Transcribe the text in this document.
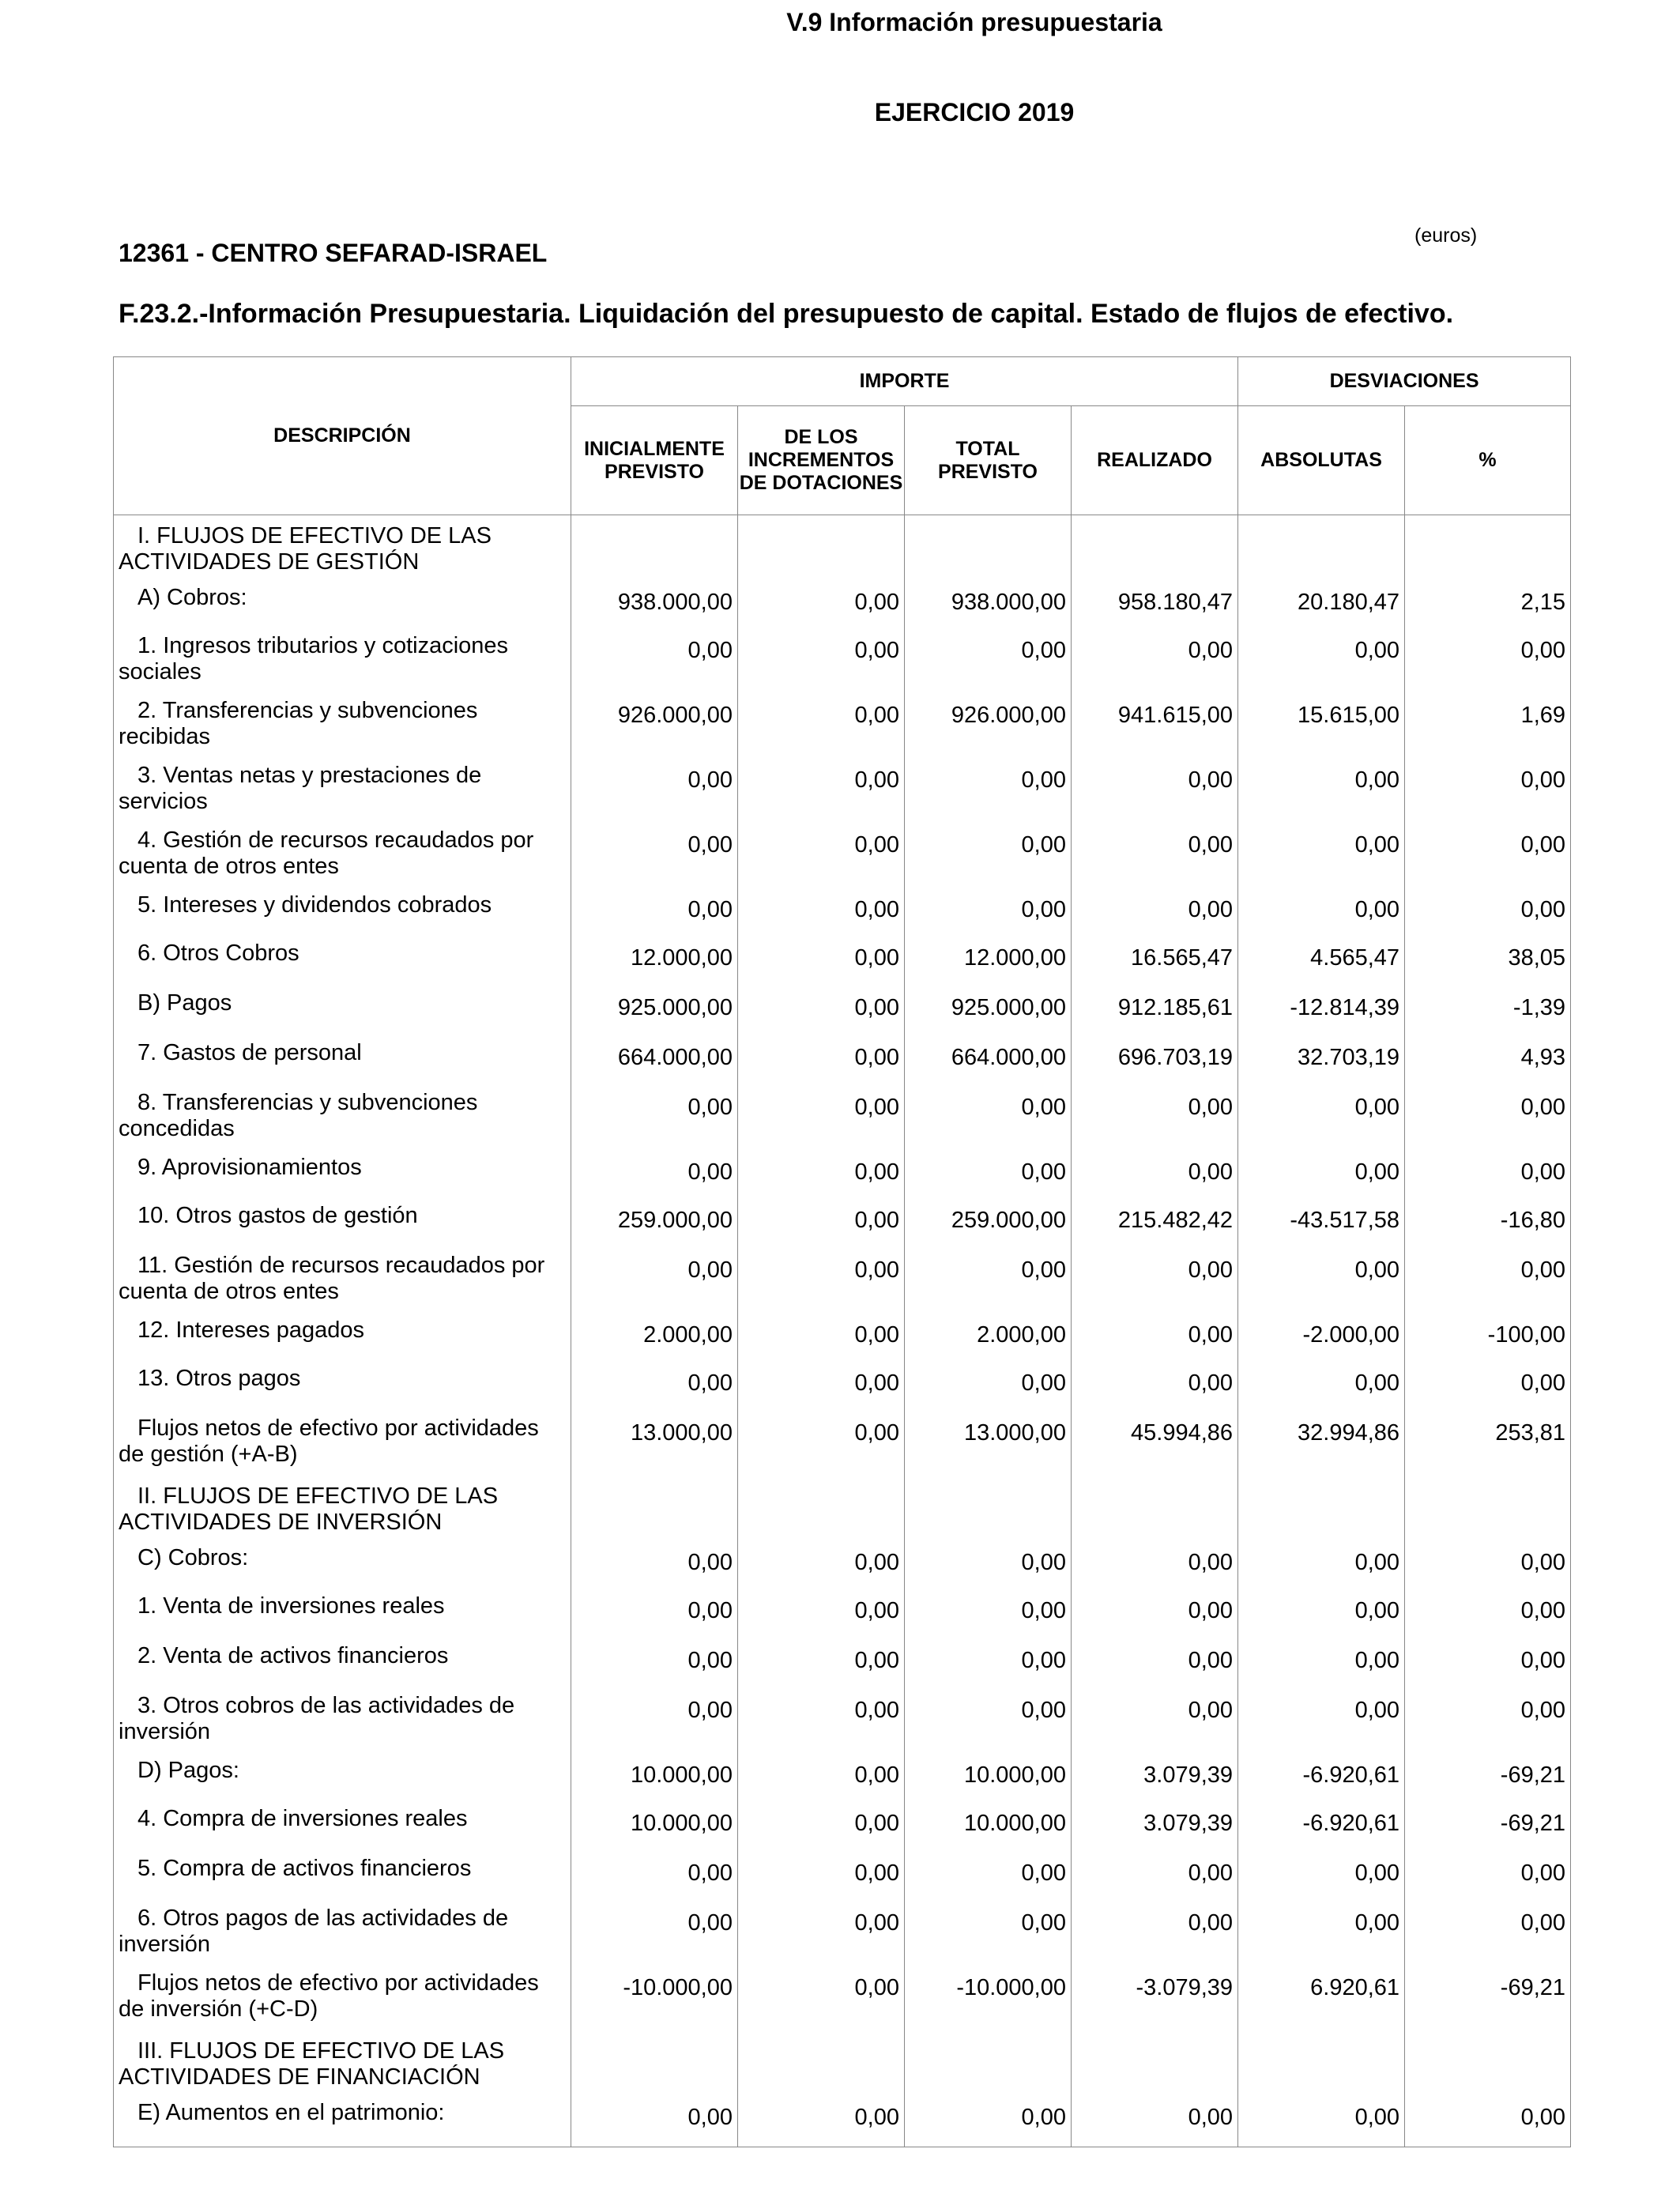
V.9 Información presupuestaria
EJERCICIO 2019
12361 - CENTRO SEFARAD-ISRAEL
(euros)
F.23.2.-Información Presupuestaria. Liquidación del presupuesto de capital. Estado de flujos de efectivo.
DESCRIPCIÓN	IMPORTE				DESVIACIONES	
	INICIALMENTE PREVISTO	DE LOS INCREMENTOS DE DOTACIONES	TOTAL PREVISTO	REALIZADO	ABSOLUTAS	%
I. FLUJOS DE EFECTIVO DE LAS ACTIVIDADES DE GESTIÓN						
A) Cobros:	938.000,00	0,00	938.000,00	958.180,47	20.180,47	2,15
1. Ingresos tributarios y cotizaciones sociales	0,00	0,00	0,00	0,00	0,00	0,00
2. Transferencias y subvenciones recibidas	926.000,00	0,00	926.000,00	941.615,00	15.615,00	1,69
3. Ventas netas y prestaciones de servicios	0,00	0,00	0,00	0,00	0,00	0,00
4. Gestión de recursos recaudados por cuenta de otros entes	0,00	0,00	0,00	0,00	0,00	0,00
5. Intereses y dividendos cobrados	0,00	0,00	0,00	0,00	0,00	0,00
6. Otros Cobros	12.000,00	0,00	12.000,00	16.565,47	4.565,47	38,05
B) Pagos	925.000,00	0,00	925.000,00	912.185,61	-12.814,39	-1,39
7. Gastos de personal	664.000,00	0,00	664.000,00	696.703,19	32.703,19	4,93
8. Transferencias y subvenciones concedidas	0,00	0,00	0,00	0,00	0,00	0,00
9. Aprovisionamientos	0,00	0,00	0,00	0,00	0,00	0,00
10. Otros gastos de gestión	259.000,00	0,00	259.000,00	215.482,42	-43.517,58	-16,80
11. Gestión de recursos recaudados por cuenta de otros entes	0,00	0,00	0,00	0,00	0,00	0,00
12. Intereses pagados	2.000,00	0,00	2.000,00	0,00	-2.000,00	-100,00
13. Otros pagos	0,00	0,00	0,00	0,00	0,00	0,00
Flujos netos de efectivo por actividades de gestión (+A-B)	13.000,00	0,00	13.000,00	45.994,86	32.994,86	253,81
II. FLUJOS DE EFECTIVO DE LAS ACTIVIDADES DE INVERSIÓN						
C) Cobros:	0,00	0,00	0,00	0,00	0,00	0,00
1. Venta de inversiones reales	0,00	0,00	0,00	0,00	0,00	0,00
2. Venta de activos financieros	0,00	0,00	0,00	0,00	0,00	0,00
3. Otros cobros de las actividades de inversión	0,00	0,00	0,00	0,00	0,00	0,00
D) Pagos:	10.000,00	0,00	10.000,00	3.079,39	-6.920,61	-69,21
4. Compra de inversiones reales	10.000,00	0,00	10.000,00	3.079,39	-6.920,61	-69,21
5. Compra de activos financieros	0,00	0,00	0,00	0,00	0,00	0,00
6. Otros pagos de las actividades de inversión	0,00	0,00	0,00	0,00	0,00	0,00
Flujos netos de efectivo por actividades de inversión (+C-D)	-10.000,00	0,00	-10.000,00	-3.079,39	6.920,61	-69,21
III. FLUJOS DE EFECTIVO DE LAS ACTIVIDADES DE FINANCIACIÓN						
E) Aumentos en el patrimonio:	0,00	0,00	0,00	0,00	0,00	0,00
